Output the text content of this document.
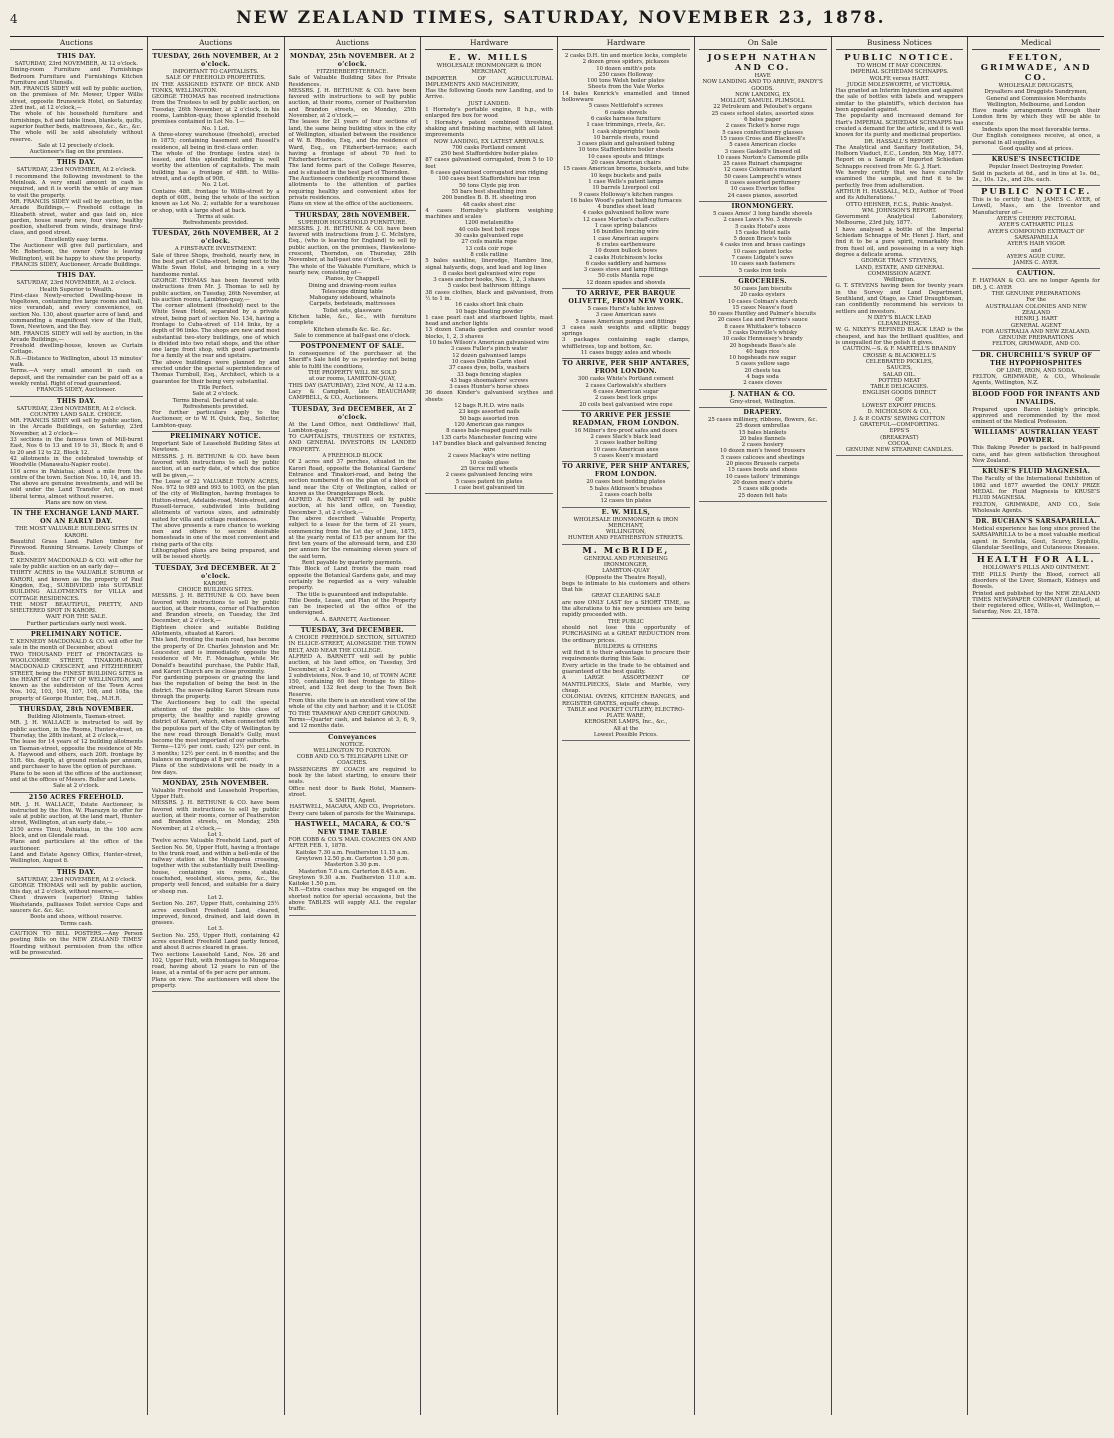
4	NEW ZEALAND TIMES, SATURDAY, NOVEMBER 23, 1878.
Auctions
THIS DAY.

SATURDAY, 23rd NOVEMBER, At 12 o'clock.

Dining-room Furniture and Furnishings Bedroom Furniture and Furnishings Kitchen Furniture and Utensils.

MR. FRANCIS SIDEY will sell by public auction, on the premises of Mr. Mower, Upper Willis street, opposite Brunswick Hotel, on Saturday, 23rd inst., at 12 o'clock,—

The whole of his household furniture and furnishings, b.d and table linen, blankets, quilts, superior feather beds, mattresses, &c., &c., &c.

The whole will be sold absolutely without reserve.

Sale at 12 precisely o'clock.

Auctioneer's flag on the premises.

THIS DAY.

SATURDAY, 23rd NOVEMBER, At 2 o'clock.

I recommend the following investment to the Meinloak. A very small amount in cash is required, and it is worth the while of any man to visit the property.

MR. FRANCIS SIDEY will sell by auction, in the Arcade Buildings,— Freehold cottage in Elizabeth street, water and gas laid on, nice garden, house nearly new, four view, healthy position, sheltered from winds, drainage first-class, and good street.

Excellently easy terms.

The Auctioneer will give full particulars, and Mr. Robertson, the owner (who is leaving Wellington), will be happy to show the property.

FRANCIS SIDEY, Auctioneer, Arcade Buildings.

THIS DAY.

SATURDAY, 23rd NOVEMBER, At 2 o'clock.

Health Superior to Wealth.

First-class Newly-erected Dwelling-house in Vogeltown, containing five large rooms and hall, nice verandah, and every convenience, on section No. 130, about quarter acre of land, and commanding a magnificent view of the Hutt, Town, Newtown, and the Bay.

MR. FRANCIS SIDEY will sell by auction, in the Arcade Buildings,—

Freehold dwelling-house, known as Curtain Cottage.

N.B.—Distance to Wellington, about 15 minutes' walk.

Terms.—A very small amount in cash on deposit, and the remainder can be paid off as a weekly rental. Right of road guaranteed.

FRANCIS SIDEY, Auctioneer.

THIS DAY.

SATURDAY, 23rd NOVEMBER, At 2 o'clock.

COUNTRY LAND SALE. CHOICE.

MR. FRANCIS SIDEY will sell by public auction, in the Arcade Buildings, on Saturday, 23rd November, at 2 o'clock—

33 sections in the famous town of Mill-burnt East, Nos 6 to 13 and 19 to 31, Block 8; and 6 to 20 and 12 to 22, Block 12.

42 allotments in the celebrated township of Woodville (Manawatu-Napier route).

116 acres in Pahiatua; about a mile from the centre of the town. Section Nos. 10, 14, and 15.

The above are genuine investments, and will be sold under the Land Transfer Act, on most liberal terms, almost without reserve.

Plans are now on view.

IN THE EXCHANGE LAND MART. ON AN EARLY DAY.

THE MOST VALUABLE BUILDING SITES IN KARORI.

Beautiful Grass Land. Fallen timber for Firewood. Running Streams. Lovely Clumps of Bush.

T. KENNEDY MACDONALD & CO. will offer for sale by public auction on an early day—

THIRTY ACRES in the VALUABLE SUBURB of KARORI, and known as the property of Paul Kingdon, Esq., SUBDIVIDED into SUITABLE BUILDING ALLOTMENTS for VILLA and COTTAGE RESIDENCES.

THE MOST BEAUTIFUL, PRETTY, AND SHELTERED SPOT IN KARORI.

WAIT FOR THE SALE.

Further particulars early next week.

PRELIMINARY NOTICE.

T. KENNEDY MACDONALD & CO. will offer for sale in the month of December, about

TWO THOUSAND FEET of FRONTAGES to WOOLCOMBE STREET, TINAKORI-ROAD, MACDONALD CRESCENT, and FITZHERBERT STREET, being the FINEST BUILDING SITES in the HEART of the CITY OF WELLINGTON, and known as the subdivision of the Town Acres Nos. 102, 103, 104, 107, 108, and 108a, the property of George Hunter, Esq., M.H.R.

THURSDAY, 28th NOVEMBER.

Building Allotments, Tasman-street.

MR. J. H. WALLACE is instructed to sell by public auction, in the Rooms, Hunter-street, on Thursday, the 28th instant, at 2 o'clock,—

The lease for 14 years of 12 building allotments on Tasman-street, opposite the residence of Mr. A. Haywood and others, each 20ft. frontage by 51ft. 6in. depth, at ground rentals per annum, and purchaser to have the option of purchase.

Plans to be seen at the offices of the auctioneer, and at the offices of Messrs. Buller and Lewis.

Sale at 2 o'clock.

2150 ACRES FREEHOLD.

MR. J. H. WALLACE, Estate Auctioneer, is instructed by the Hon. W. Pharazyn to offer for sale at public auction, at the land mart, Hunter-street, Wellington, at an early date,—

2150 acres Tinui, Pahiatua, in the 100 acre block, and on Glendale road.

Plans and particulars at the office of the auctioneer.

Land and Estate Agency Office, Hunter-street, Wellington, August 8.

THIS DAY.

SATURDAY, 23rd NOVEMBER, At 2 o'clock.

GEORGE THOMAS will sell by public auction, this day, at 2 o'clock, without reserve,—

Chest drawers (superior) Dining tables Washstands, palliasses Toilet service Cups and saucers &c. &c. &c.

Boots and shoes, without reserve.

Terms cash.

CAUTION TO BILL POSTERS.—Any Person posting Bills on the NEW ZEALAND TIMES' Hoarding without permission from the office will be prosecuted.

Auctions
TUESDAY, 26th NOVEMBER, At 2 o'clock.

IMPORTANT TO CAPITALISTS.

SALE OF FREEHOLD PROPERTIES.

IN THE ASSIGNED ESTATE OF BECK AND TONKS, WELLINGTON.

GEORGE THOMAS has received instructions from the Trustees to sell by public auction, on Tuesday, 26th November, at 2 o'clock, in his rooms, Lambton-quay, those splendid freehold premises contained in Lot No. 1—

No. 1 Lot.

A three-storey warehouse (freehold), erected in 1875; containing basement and Russell's residence, all being in first-class order.

The whole of the frontage (extra size) is leased, and this splendid building is well worthy the attention of capitalists. The main building has a frontage of 48ft. to Willis-street, and a depth of 90ft.

No. 2 Lot.

Contains 48ft. frontage to Willis-street by a depth of 60ft., being the whole of the section known as Lot No. 2; suitable for a warehouse or shop, with a large shed at back.

Terms at sale.

Refreshments provided.

TUESDAY, 26th NOVEMBER, At 2 o'clock.

A FIRST-RATE INVESTMENT.

Sale of three Shops, freehold, nearly new, in the best part of Cuba-street, being next to the White Swan Hotel, and bringing in a very handsome rental.

GEORGE THOMAS has been favored with instructions from Mr. J. Thomas to sell by public auction, on Tuesday, 26th November, at his auction rooms, Lambton-quay,—

The corner allotment (freehold) next to the White Swan Hotel, separated by a private street, being part of section No. 134, having a frontage to Cuba-street of 114 links, by a depth of 96 links. The shops are new and most substantial two-story buildings, one of which is divided into two retail shops, and the other one large front shop, with good apartments for a family at the rear and upstairs.

The above buildings were planned by and erected under the special superintendence of Thomas Turnbull, Esq., Architect, which is a guarantee for their being very substantial.

Title Perfect.

Sale at 2 o'clock.

Terms liberal. Declared at sale.

Refreshments provided.

For further particulars apply to the Auctioneer, or to W. H. Quick, Esq., Solicitor, Lambton-quay.

PRELIMINARY NOTICE.

Important Sale of Leasehold Building Sites at Newtown.

MESSRS. J. H. BETHUNE & CO. have been favored with instructions to sell by public auction, at an early date, of which due notice will be given,—

The Lease of 22 VALUABLE TOWN ACRES, Nos. 972 to 989 and 993 to 1003, on the plan of the city of Wellington, having frontages to Hutton-street, Adelaide-road, Mein-street, and Russell-terrace, subdivided into building allotments of various sizes, and admirably suited for villa and cottage residences.

The above presents a rare chance to working men and others to secure desirable homesteads in one of the most convenient and rising parts of the city.

Lithographed plans are being prepared, and will be issued shortly.

TUESDAY, 3rd DECEMBER. At 2 o'clock.

KARORI.

CHOICE BUILDING SITES.

MESSRS. J. H. BETHUNE & CO. have been favored with instructions to sell by public auction, at their rooms, corner of Featherston and Brandon streets, on Tuesday, the 3rd December, at 2 o'clock,—

Eighteen choice and suitable Building Allotments, situated at Karori.

This land, fronting the main road, has become the property of Dr. Charles Johnston and Mr. Loucester, and is immediately opposite the residence of Mr. F. Monaghan, while Mr. Donald's beautiful purchase, the Public Hall, and Karori Church are in close proximity.

For gardening purposes or grazing the land has the reputation of being the best in the district. The never-failing Karori Stream runs through the property.

The Auctioneers beg to call the special attention of the public to this class of property, the healthy and rapidly growing district of Karori, which, when connected with the populous part of the City of Wellington by the new road through Donald's Gully, must become the most important of our suburbs.

Terms—12½ per cent. cash; 12½ per cent. in 3 months; 12½ per cent. in 6 months; and the balance on mortgage at 8 per cent.

Plans of the subdivisions will be ready in a few days.

MONDAY, 25th NOVEMBER.

Valuable Freehold and Leasehold Properties, Upper Hutt.

MESSRS. J. H. BETHUNE & CO. have been favored with instructions to sell by public auction, at their rooms, corner of Featherston and Brandon streets, on Monday, 25th November, at 2 o'clock,—

Lot 1.

Twelve acres Valuable Freehold Land, part of Section No. 56, Upper Hutt, having a frontage to the trunk road, and within a bell-mile of the railway station at the Mungaroa crossing, together with the substantially built Dwelling-house, containing six rooms, stable, coachshed, woolshed, stores, pens, &c., the property well fenced, and suitable for a dairy or sheep run.

Lot 2.

Section No. 267, Upper Hutt, containing 25½ acres excellent Freehold Land, cleared, improved, fenced, drained, and laid down in grasses.

Lot 3.

Section No. 255, Upper Hutt, containing 42 acres excellent Freehold Land partly fenced, and about 8 acres cleared in grass.

Two sections Leasehold Land, Nos. 26 and 102, Upper Hutt, with frontages to Mungaroa-road, having about 12 years to run of the lease, at a rental of 6s per acre per annum.

Plans on view. The auctioneers will show the property.

Auctions
MONDAY, 25th NOVEMBER. At 2 o'clock.

FITZHERBERT-TERRACE.

Sale of Valuable Building Sites for Private Residences.

MESSRS. J. H. BETHUNE & CO. have been favored with instructions to sell by public auction, at their rooms, corner of Featherston and Brandon streets, on Monday, 25th November, at 2 o'clock,—

The leases for 21 years of four sections of land, the same being building sites in the city of Wellington, situated between the residence of W. B. Rhodes, Esq., and the residence of Ward, Esq., on Fitzherbert-terrace; each having a frontage of about 70 feet to Fitzherbert-terrace.

The land forms part of the College Reserve, and is situated in the best part of Thorndon.

The Auctioneers confidently recommend these allotments to the attention of parties requiring healthy and convenient sites for private residences.

Plans on view at the office of the auctioneers.

THURSDAY, 28th NOVEMBER.

SUPERIOR HOUSEHOLD FURNITURE.

MESSRS. J. H. BETHUNE & CO. have been favored with instructions from J. C. McIntyre, Esq., (who is leaving for England) to sell by public auction, on the premises, Hawkestone-crescent, Thorndon, on Thursday, 28th November, at half-past one o'clock,—

The whole of the Valuable Furniture, which is nearly new, consisting of—

Pianos, by Chappell

Dining and drawing-room suites

Telescope dining table

Mahogany sideboard, whatnots

Carpets, bedsteads, mattresses

Toilet sets, glassware

Kitchen table, &c., &c., with furniture complete

Kitchen utensils &c. &c. &c.

Sale to commence at half-past one o'clock.

POSTPONEMENT OF SALE.

In consequence of the purchaser at the Sheriff's Sale held by us yesterday not being able to fulfil the conditions,

THE PROPERTY WILL BE SOLD

at our rooms, LAMBTON-QUAY,

THIS DAY (SATURDAY), 23rd NOV., At 12 a.m.

Lacy & Campbell, late BEAUCHAMP, CAMPBELL, & CO., Auctioneers.

TUESDAY, 3rd DECEMBER, At 2 o'clock.

At the Land Office, next Oddfellows' Hall, Lambton-quay.

TO CAPITALISTS, TRUSTEES OF ESTATES, AND GENERAL INVESTORS IN LANDED PROPERTY.

A FREEHOLD BLOCK

Of 2 acres and 37 perches, situated in the Karori Road, opposite the Botanical Gardens' Entrance and Tinakori-road, and being the section numbered 6 on the plan of a block of land near the City of Wellington, called or known as the Orangekauaps Block.

ALFRED A. BARNETT will sell by public auction, at his land office, on Tuesday, December 3, at 2 o'clock,—

The above described Valuable Property, subject to a lease for the term of 21 years, commencing from the 1st day of June, 1875, at the yearly rental of £15 per annum for the first ten years of the aforesaid term, and £30 per annum for the remaining eleven years of the said term.

Rent payable by quarterly payments.

This Block of Land fronts the main road opposite the Botanical Gardens gate, and may certainly be regarded as a very valuable property.

The title is guaranteed and indisputable.

Title Deeds, Lease, and Plan of the Property can be inspected at the office of the undersigned.

A. A. BARNETT, Auctioneer.

TUESDAY, 3rd DECEMBER.

A CHOICE FREEHOLD SECTION, SITUATED IN ELLICE-STREET, ALONGSIDE THE TOWN BELT, AND NEAR THE COLLEGE.

ALFRED A. BARNETT will sell by public auction, at his land office, on Tuesday, 3rd December, at 2 o'clock—

2 subdivisions, Nos. 9 and 10, of TOWN ACRE 150, containing 60 feet frontage to Ellice-street, and 132 feet deep to the Town Belt Reserve.

From this site there is an excellent view of the whole of the city and harbor; and it is CLOSE TO THE TRAMWAY AND CREDIT GROUND.

Terms—Quarter cash, and balance at 3, 6, 9, and 12 months date.

Conveyances

NOTICE.

WELLINGTON TO FOXTON.

COBB AND CO.'S TELEGRAPH LINE OF COACHES.

PASSENGERS BY COACH are required to book by the latest starting, to ensure their seats.

Office next door to Bank Hotel, Manners-street.

S. SMITH, Agent.

HASTWELL, MACARA, AND CO., Proprietors.

Every care taken of parcels for the Wairarapa.

HASTWELL, MACARA, & CO.'S NEW TIME TABLE

FOR COBB & CO.'S MAIL COACHES ON AND AFTER FEB. 1, 1878.

Kaitoke 7.30 a.m. Featherston 11.15 a.m.

Greytown 12.50 p.m. Carterton 1.50 p.m.

Masterton 3.30 p.m.

Masterton 7.0 a.m. Carterton 8.45 a.m.

Greytown 9.30 a.m. Featherston 11.0 a.m. Kaitoke 1.50 p.m.

N.B.—Extra coaches may be engaged on the shortest notice for special occasions, but the above TABLES will supply ALL the regular traffic.

Hardware
E. W. MILLS

WHOLESALE IRONMONGER & IRON MERCHANT,

IMPORTER OF AGRICULTURAL IMPLEMENTS AND MACHINERY,

Has the following Goods now Landing, and to Arrive.

JUST LANDED.

1 Hornsby's portable engine, 8 h.p., with enlarged fire box for wood

1 Hornsby's patent combined threshing, shaking and finishing machine, with all latest improvements

NOW LANDING, EX LATEST ARRIVALS.

700 casks Portland cement

250 best Staffordshire boiler plates

87 cases galvanised corrugated, from 5 to 10 feet

6 cases galvanised corrugated iron ridging

100 cases best Staffordshire bar iron

50 tons Clyde pig iron

55 bars best sheathing iron

200 bundles B. B. H. sheeting iron

48 casks sheet zinc

4 cases Hornsby's platform weighing machines and scales

1200 metalsmiths

40 coils best bolt rope

30 casks galvanised rope

27 coils manila rope

13 coils coir rope

8 coils ratline

5 bales sashline, lineredge, Hambro line, signal halyards, dogs, and lead and log lines

8 casks best galvanised wire rope

3 cases anchor hooks, Nos. 1, 2, 3 shaws

5 casks best bathroom fittings

38 cases clothes, black and galvanised, from ½ to 1 in.

16 casks short link chain

10 bags blasting powder

1 case pearl cast and starboard lights, mast head and anchor lights

13 dozen Canada garden and counter wood blocks, 1, 2, 3 shaves

10 bales Wilson's American galvanised wire

3 cases Fuller's pinch water

12 dozen galvanised lamps

10 cases Dublin Carin steel

37 cases dyes, bolts, washers

33 bags fencing staples

43 bags shoemakers' screws

3 cases Hunter's horse shoes

36 dozen Kinder's galvanised scythes and sheets

12 bags R.H.D. wire nails

23 kegs assorted nails

50 bags assorted iron

120 American gas ranges

8 cases bale-reaped guard rails

135 carts Manchester fencing wire

147 bundles black and galvanised fencing wire

2 cases Mackay's wire netting

10 casks glass

25 tierce mill wheels

2 cases galvanised fencing wire

5 cases patent tin plates

1 case best galvanised tin

Hardware

2 casks D.H. tin and mortice locks, complete

2 dozen gross spiders, pickaxes

10 dozen smith's pots

250 cases Holloway

100 tons Welsh boiler plates

Sheets from the Vale Works

14 bales Kenrick's enamelled and tinned hollowware

5 cases Nettlefold's screws

6 casks shovels

6 casks harness furniture

1 case trimmings, rivets, &c.

1 cask shipwrights' tools

10 barrels rivets, round

3 cases plain and galvanised tubing

10 tons Staffordshire boiler sheets

10 cases spouts and fittings

20 cases American chairs

15 cases American brooms, buckets, and tubs

10 kegs buckets and pails

1 case Wells's patent lamps

10 barrels Liverpool coil

9 cases Holloway's kitchen ranges

16 bales Wood's patent bathing furnaces

4 bundles sheet lead

4 casks galvanised hollow ware

12 cases Morton's chaff-cutters

1 case spring balances

16 bundles fencing wire

1 case American augers

6 crates earthenware

10 dozen bullock bows

2 casks Hutchinson's locks

6 casks saddlery and harness

3 cases stove and lamp fittings

50 coils Manila rope

12 dozen spades and shovels

TO ARRIVE, PER BARQUE OLIVETTE, FROM NEW YORK.

5 cases Hurst's table knives

3 case American saws

5 cases American pumps and fittings

3 cases sash weights and elliptic buggy springs

3 packages containing eagle clamps, whiffletrees, top and bottom, &c.

11 cases buggy axles and wheels

TO ARRIVE, PER SHIP ANTARES, FROM LONDON.

300 casks White's Portland cement

2 cases Carlowalsh's shutters

6 cases American sugar

2 cases best lock grips

20 coils best galvanised wire rope

TO ARRIVE PER JESSIE READMAN, FROM LONDON.

16 Milner's fire-proof safes and doors

2 cases Slack's black lead

3 cases leather belting

10 cases American axes

5 cases Keen's mustard

TO ARRIVE, PER SHIP ANTARES, FROM LONDON.

20 cases best bedding plates

5 bales Atkinson's brushes

2 cases coach bolts

12 cases tin plates

E. W. MILLS,

WHOLESALE IRONMONGER & IRON MERCHANT,

WILLINGTON,

HUNTER AND FEATHERSTON STREETS.

M. McBRIDE,

GENERAL AND FURNISHING

IRONMONGER,

LAMBTON-QUAY

(Opposite the Theatre Royal),

begs to intimate to his customers and others that his

GREAT CLEARING SALE

are now ONLY LAST for a SHORT TIME, as the alterations to his new premises are being rapidly proceeded with.

THE PUBLIC

should not lose this opportunity of PURCHASING at a GREAT REDUCTION from the ordinary prices.

BUILDERS & OTHERS

will find it to their advantage to procure their requirements during this Sale.

Every article in the trade to be obtained and guaranteed of the best quality.

A LARGE ASSORTMENT OF MANTELPIECES, Slate and Marble, very cheap.

COLONIAL OVENS, KITCHEN RANGES, and REGISTER GRATES, equally cheap.

TABLE and POCKET CUTLERY, ELECTRO-PLATE WARE,

KEROSENE LAMPS, Inc., &c.,

All at the

Lowest Possible Prices.

On Sale
JOSEPH NATHAN AND CO.

HAVE

NOW LANDING AND TO ARRIVE, PANDY'S GOODS.

NOW LANDING, EX

MOLLOT, SAMUEL PLIMSOLL

22 Petroleum and Peloubet's organs

25 cases school slates, assorted sizes

6 bales paper

2 cases Ticket's horse rugs

5 cases confectionery glasses

15 cases Cross and Blackwell's

5 cases American clocks

3 cases Gaskell's linseed oil

10 cases Norton's Camomile pills

25 cases Ruinart champagne

12 cases Coleman's mustard

50 cases Lamprecht's wines

8 cases assorted perfumery

10 cases Everton toffee

24 cases pianos, assorted

IRONMONGERY.

5 cases Amos' 3 long handle shovels

2 cases Laws's No. 3 shovels

5 casks Hotel's axes

15 casks Hotel nails

5 dozen Brace's tools

4 casks iron and brass castings

10 cases patent locks

7 cases Lidgate's saws

10 cases sash fasteners

5 casks iron tools

GROCERIES.

50 cases Jam biscuits

20 casks oysters

10 cases Colman's starch

15 cases Neave's food

50 cases Huntley and Palmer's biscuits

20 cases Lea and Perrins's sauce

8 cases Whittaker's tobacco

5 casks Dunville's whisky

10 casks Hennessey's brandy

20 hogsheads Bass's ale

40 bags rice

10 hogsheads raw sugar

5 cases yellow sago

20 chests tea

4 bags soda

2 cases cloves

J. NATHAN & CO.

Grey-street, Wellington.

DRAPERY.

25 cases millinery, ribbons, flowers, &c.

25 dozen umbrellas

15 bales blankets

20 bales flannels

2 cases hosiery

10 dozen men's tweed trousers

5 cases calicoes and sheetings

20 pieces Brussels carpets

15 cases boots and shoes

10 cases tailors' trimmings

20 dozen men's shirts

5 cases silk goods

25 dozen felt hats

Business Notices
PUBLIC NOTICE.

TO WHOM IT MAY CONCERN.

IMPERIAL SCHIEDAM SCHNAPPS.

WOLFE versus HART.

JUDGE MOLESWORTH, of VICTORIA.

Has granted an Interim Injunction and against the sale of bottles with labels and wrappers similar to the plaintiff's, which decision has been appealed against.

The popularity and increased demand for Hart's IMPERIAL SCHIEDAM SCHNAPPS has created a demand for the article, and it is well known for its purity and medicinal properties.

DR. HASSALL'S REPORT.

The Analytical and Sanitary Institution, 54, Holborn Viaduct, E.C., London, 5th May, 1877.

Report on a Sample of Imported Schiedam Schnapps received from Mr. G. J. Hart.

We hereby certify that we have carefully examined the sample, and find it to be perfectly free from adulteration.

ARTHUR H. HASSALL, M.D., Author of 'Food and its Adulterations.'

OTTO HEHNER, F.C.S., Public Analyst.

WM. JOHNSON'S REPORT.

Government Analytical Laboratory, Melbourne, 23rd July, 1877.

I have analysed a bottle of the Imperial Schiedam Schnapps of Mr. Henri J. Hart, and find it to be a pure spirit, remarkably free from fusel oil, and possessing in a very high degree a delicate aroma.

GEORGE TRACY STEVENS,

LAND, ESTATE, AND GENERAL COMMISSION AGENT.

Wellington.

G. T. STEVENS having been for twenty years in the Survey and Land Department, Southland, and Otago, as Chief Draughtsman, can confidently recommend his services to settlers and investors.

N IXEY'S BLACK LEAD

CLEANLINESS.

W. G. NIXEY'S REFINED BLACK LEAD is the cheapest, and has the brilliant qualities, and is unequalled for the polish it gives.

CAUTION.—S. & F. MARTELL'S BRANDY

CROSSE & BLACKWELL'S

CELEBRATED PICKLES,

SAUCES,

SALAD OIL.

POTTED MEAT

TABLE DELICACIES.

ENGLISH GOODS DIRECT

OF

LOWEST EXPORT PRICES.

D. NICHOLSON & CO.,

J. & P. COATS' SEWING COTTON

GRATEFUL—COMFORTING.

EPPS'S

(BREAKFAST)

COCOA.

GENUINE NEW STEARINE CANDLES.

Medical
FELTON, GRIMWADE, AND CO.

WHOLESALE DRUGGISTS,

Drysalters and Druggists Sundrymen,

General and Commission Merchants

Wellington, Melbourne, and London

Have made arrangements through their London firm by which they will be able to execute

Indents upon the most favorable terms.

Our English consignees receive, at once, a personal in all supplies.

Good quality and at prices.

KRUSE'S INSECTICIDE

Popular Insect Destroying Powder.

Sold in packets at 6d., and in tins at 1s. 6d., 2s., 10s. 12s., and 20s. each.

PUBLIC NOTICE.

This is to certify that I, JAMES C. AYER, of Lowell, Mass., am the Inventor and Manufacturer of—

AYER'S CHERRY PECTORAL

AYER'S CATHARTIC PILLS

AYER'S COMPOUND EXTRACT OF SARSAPARILLA

AYER'S HAIR VIGOR

and

AYER'S AGUE CURE.

JAMES C. AYER.

CAUTION.

F. HAYMAN & CO. are no longer Agents for DR. J. C. AYER

THE GENUINE PREPARATIONS

For the

AUSTRALIAN COLONIES AND NEW ZEALAND

HENRI J. HART

GENERAL AGENT

FOR AUSTRALIA AND NEW ZEALAND.

GENUINE PREPARATIONS

FELTON, GRIMWADE, AND CO.

DR. CHURCHILL'S SYRUP OF THE HYPOPHOSPHITES

OF LIME, IRON, AND SODA.

FELTON, GRIMWADE, & CO., Wholesale Agents, Wellington, N.Z.

BLOOD FOOD FOR INFANTS AND INVALIDS.

Prepared upon Baron Liebig's principle, approved and recommended by the most eminent of the Medical Profession.

WILLIAMS' AUSTRALIAN YEAST POWDER.

This Baking Powder is packed in half-pound cans, and has given satisfaction throughout New Zealand.

KRUSE'S FLUID MAGNESIA.

The Faculty of the International Exhibition of 1862 and 1877 awarded the ONLY PRIZE MEDAL for Fluid Magnesia to KRUSE'S FLUID MAGNESIA.

FELTON, GRIMWADE, AND CO., Sole Wholesale Agents.

DR. BUCHAN'S SARSAPARILLA.

Medical experience has long since proved the SARSAPARILLA to be a most valuable medical agent in Scrofula, Gout, Scurvy, Syphilis, Glandular Swellings, and Cutaneous Diseases.

HEALTH FOR ALL.

HOLLOWAY'S PILLS AND OINTMENT.

THE PILLS Purify the Blood, correct all disorders of the Liver, Stomach, Kidneys and Bowels.

Printed and published by the NEW ZEALAND TIMES NEWSPAPER COMPANY (Limited), at their registered office, Willis-st, Wellington,—Saturday, Nov. 23, 1878.
